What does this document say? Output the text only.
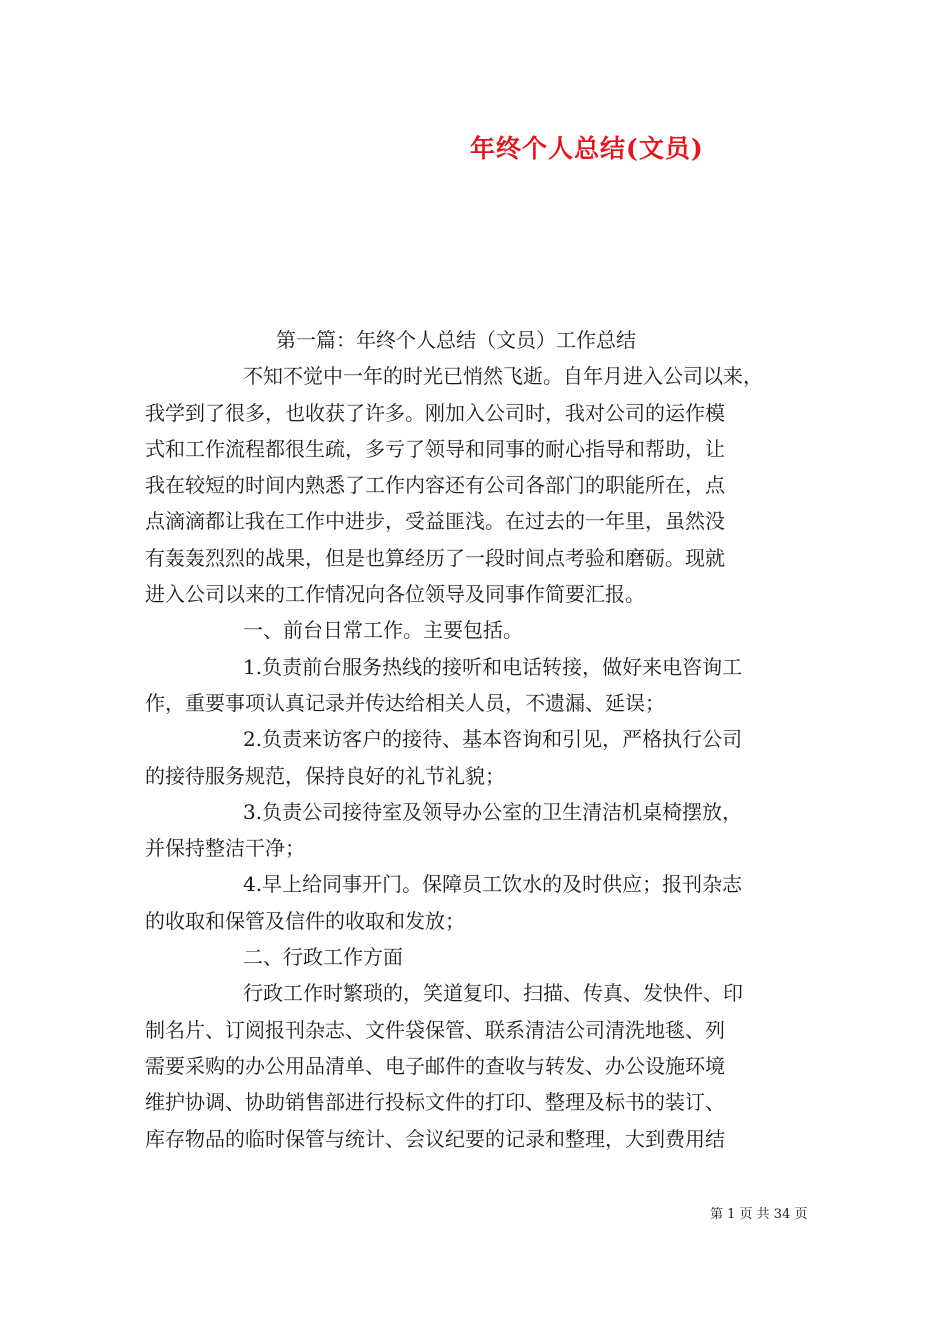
年终个人总结(文员)

第一篇：年终个人总结（文员）工作总结

不知不觉中一年的时光已悄然飞逝。自年月进入公司以来，

我学到了很多，也收获了许多。刚加入公司时，我对公司的运作模

式和工作流程都很生疏，多亏了领导和同事的耐心指导和帮助，让

我在较短的时间内熟悉了工作内容还有公司各部门的职能所在，点

点滴滴都让我在工作中进步，受益匪浅。在过去的一年里，虽然没

有轰轰烈烈的战果，但是也算经历了一段时间点考验和磨砺。现就

进入公司以来的工作情况向各位领导及同事作简要汇报。

一、前台日常工作。主要包括。

1.负责前台服务热线的接听和电话转接，做好来电咨询工

作，重要事项认真记录并传达给相关人员，不遗漏、延误；

2.负责来访客户的接待、基本咨询和引见，严格执行公司

的接待服务规范，保持良好的礼节礼貌；

3.负责公司接待室及领导办公室的卫生清洁机桌椅摆放，

并保持整洁干净；

4.早上给同事开门。保障员工饮水的及时供应；报刊杂志

的收取和保管及信件的收取和发放；

二、行政工作方面

行政工作时繁琐的，笑道复印、扫描、传真、发快件、印

制名片、订阅报刊杂志、文件袋保管、联系清洁公司清洗地毯、列

需要采购的办公用品清单、电子邮件的查收与转发、办公设施环境

维护协调、协助销售部进行投标文件的打印、整理及标书的装订、

库存物品的临时保管与统计、会议纪要的记录和整理，大到费用结

第 1 页 共 34 页
